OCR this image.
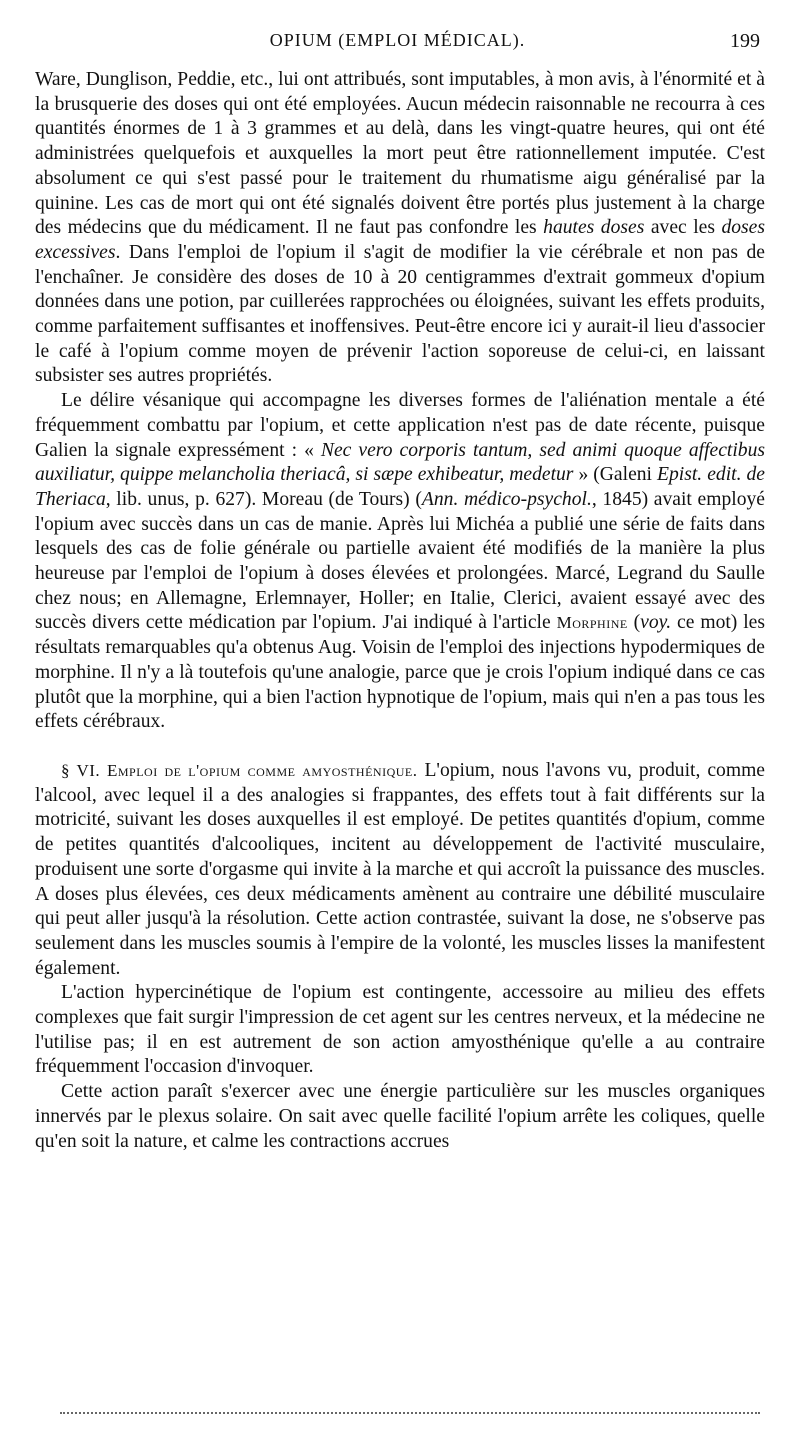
OPIUM (EMPLOI MÉDICAL).	199

Ware, Dunglison, Peddie, etc., lui ont attribués, sont imputables, à mon avis, à l'énormité et à la brusquerie des doses qui ont été employées. Aucun médecin raisonnable ne recourra à ces quantités énormes de 1 à 3 grammes et au delà, dans les vingt-quatre heures, qui ont été administrées quelquefois et auxquelles la mort peut être rationnellement imputée. C'est absolument ce qui s'est passé pour le traitement du rhumatisme aigu généralisé par la quinine. Les cas de mort qui ont été signalés doivent être portés plus justement à la charge des médecins que du médicament. Il ne faut pas confondre les hautes doses avec les doses excessives. Dans l'emploi de l'opium il s'agit de modifier la vie cérébrale et non pas de l'enchaîner. Je considère des doses de 10 à 20 centigrammes d'extrait gommeux d'opium données dans une potion, par cuillerées rapprochées ou éloignées, suivant les effets produits, comme parfaitement suffisantes et inoffensives. Peut-être encore ici y aurait-il lieu d'associer le café à l'opium comme moyen de prévenir l'action soporeuse de celui-ci, en laissant subsister ses autres propriétés.

Le délire vésanique qui accompagne les diverses formes de l'aliénation mentale a été fréquemment combattu par l'opium, et cette application n'est pas de date récente, puisque Galien la signale expressément : « Nec vero corporis tantum, sed animi quoque affectibus auxiliatur, quippe melancholia theriacâ, si sæpe exhibeatur, medetur » (Galeni Epist. edit. de Theriaca, lib. unus, p. 627). Moreau (de Tours) (Ann. médico-psychol., 1845) avait employé l'opium avec succès dans un cas de manie. Après lui Michéa a publié une série de faits dans lesquels des cas de folie générale ou partielle avaient été modifiés de la manière la plus heureuse par l'emploi de l'opium à doses élevées et prolongées. Marcé, Legrand du Saulle chez nous; en Allemagne, Erlemnayer, Holler; en Italie, Clerici, avaient essayé avec des succès divers cette médication par l'opium. J'ai indiqué à l'article Morphine (voy. ce mot) les résultats remarquables qu'a obtenus Aug. Voisin de l'emploi des injections hypodermiques de morphine. Il n'y a là toutefois qu'une analogie, parce que je crois l'opium indiqué dans ce cas plutôt que la morphine, qui a bien l'action hypnotique de l'opium, mais qui n'en a pas tous les effets cérébraux.

§ VI. Emploi de l'opium comme amyosthénique. L'opium, nous l'avons vu, produit, comme l'alcool, avec lequel il a des analogies si frappantes, des effets tout à fait différents sur la motricité, suivant les doses auxquelles il est employé. De petites quantités d'opium, comme de petites quantités d'alcooliques, incitent au développement de l'activité musculaire, produisent une sorte d'orgasme qui invite à la marche et qui accroît la puissance des muscles. A doses plus élevées, ces deux médicaments amènent au contraire une débilité musculaire qui peut aller jusqu'à la résolution. Cette action contrastée, suivant la dose, ne s'observe pas seulement dans les muscles soumis à l'empire de la volonté, les muscles lisses la manifestent également.

L'action hypercinétique de l'opium est contingente, accessoire au milieu des effets complexes que fait surgir l'impression de cet agent sur les centres nerveux, et la médecine ne l'utilise pas; il en est autrement de son action amyosthénique qu'elle a au contraire fréquemment l'occasion d'invoquer.

Cette action paraît s'exercer avec une énergie particulière sur les muscles organiques innervés par le plexus solaire. On sait avec quelle facilité l'opium arrête les coliques, quelle qu'en soit la nature, et calme les contractions accrues
